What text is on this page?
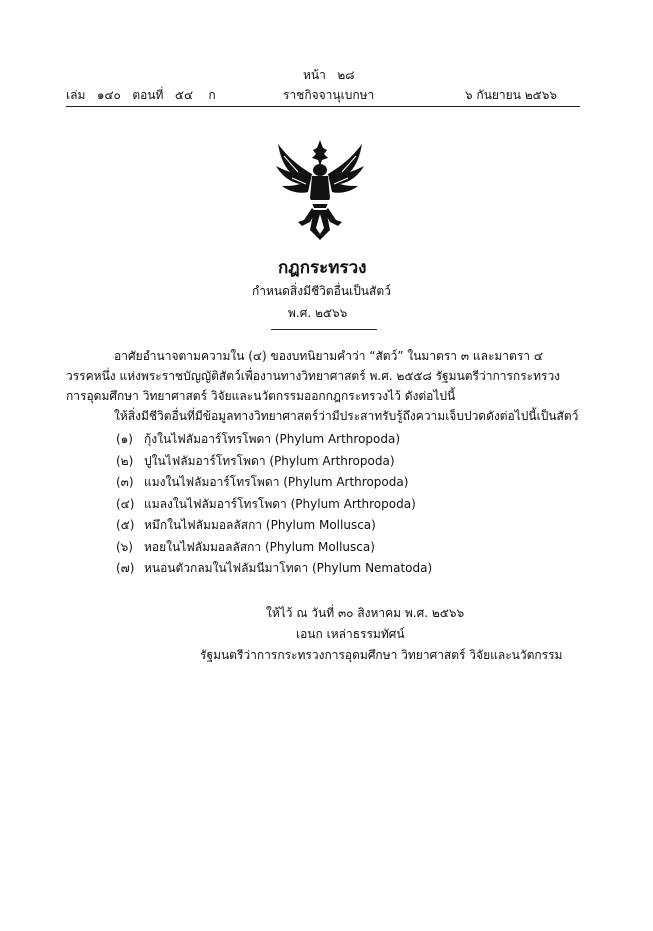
หน้า ๒๘
เล่ม ๑๔๐ ตอนที่ ๕๔ ก	ราชกิจจานุเบกษา	๖ กันยายน ๒๕๖๖
กฎกระทรวง
กำหนดสิ่งมีชีวิตอื่นเป็นสัตว์
พ.ศ. ๒๕๖๖
อาศัยอำนาจตามความใน (๔) ของบทนิยามคำว่า “สัตว์” ในมาตรา ๓ และมาตรา ๔
วรรคหนึ่ง แห่งพระราชบัญญัติสัตว์เพื่องานทางวิทยาศาสตร์ พ.ศ. ๒๕๕๘ รัฐมนตรีว่าการกระทรวง
การอุดมศึกษา วิทยาศาสตร์ วิจัยและนวัตกรรมออกกฎกระทรวงไว้ ดังต่อไปนี้
ให้สิ่งมีชีวิตอื่นที่มีข้อมูลทางวิทยาศาสตร์ว่ามีประสาทรับรู้ถึงความเจ็บปวดดังต่อไปนี้เป็นสัตว์
(๑) กุ้งในไฟลัมอาร์โทรโพดา (Phylum Arthropoda)
(๒) ปูในไฟลัมอาร์โทรโพดา (Phylum Arthropoda)
(๓) แมงในไฟลัมอาร์โทรโพดา (Phylum Arthropoda)
(๔) แมลงในไฟลัมอาร์โทรโพดา (Phylum Arthropoda)
(๕) หมึกในไฟลัมมอลลัสกา (Phylum Mollusca)
(๖) หอยในไฟลัมมอลลัสกา (Phylum Mollusca)
(๗) หนอนตัวกลมในไฟลัมนีมาโทดา (Phylum Nematoda)
ให้ไว้ ณ วันที่ ๓๐ สิงหาคม พ.ศ. ๒๕๖๖
เอนก เหล่าธรรมทัศน์
รัฐมนตรีว่าการกระทรวงการอุดมศึกษา วิทยาศาสตร์ วิจัยและนวัตกรรม
